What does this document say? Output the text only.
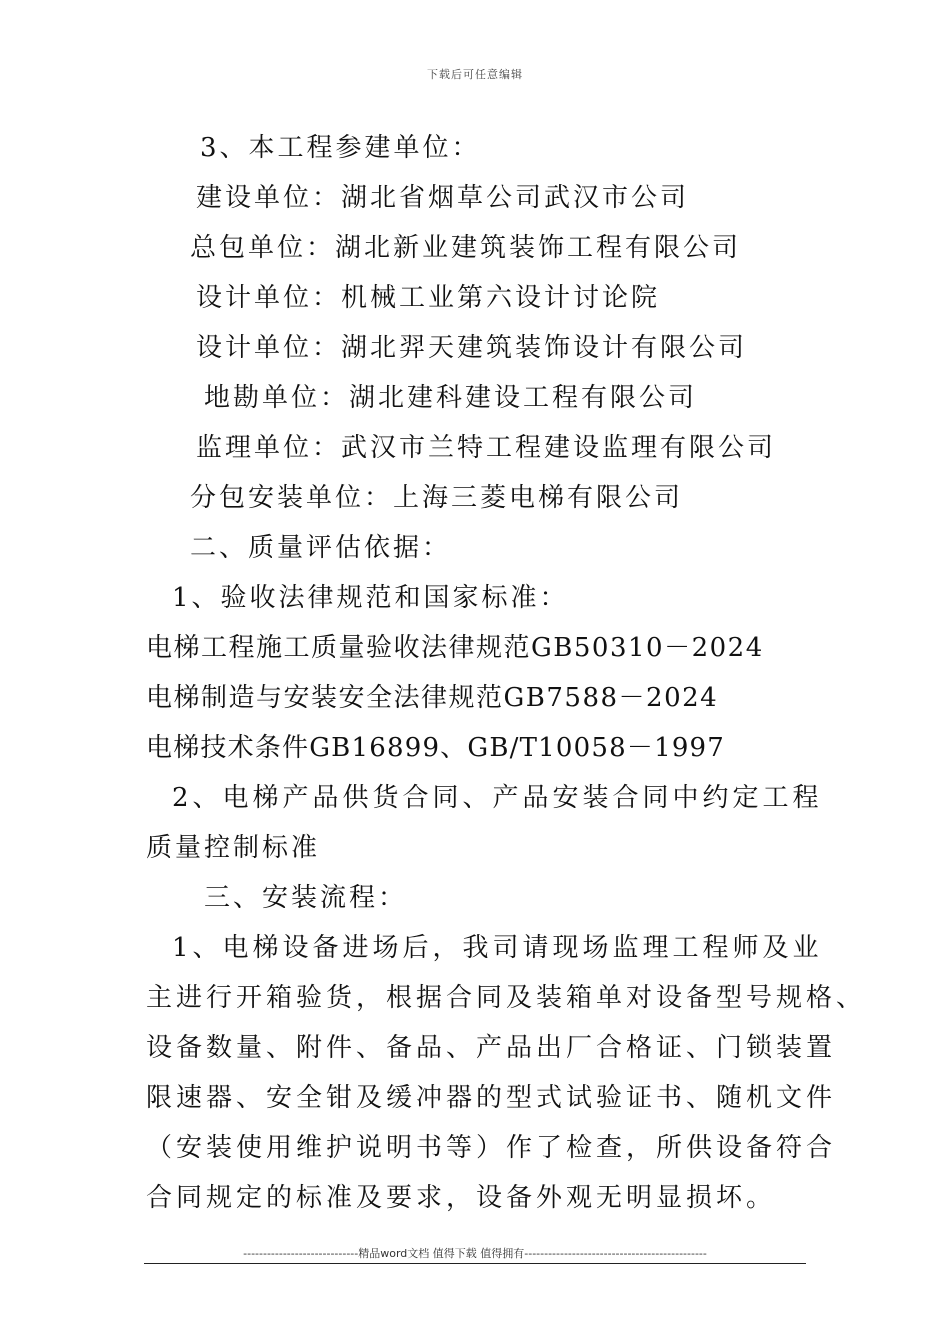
下载后可任意编辑
3、本工程参建单位：
建设单位：湖北省烟草公司武汉市公司
总包单位：湖北新业建筑装饰工程有限公司
设计单位：机械工业第六设计讨论院
设计单位：湖北羿天建筑装饰设计有限公司
地勘单位：湖北建科建设工程有限公司
监理单位：武汉市兰特工程建设监理有限公司
分包安装单位：上海三菱电梯有限公司
二、质量评估依据：
1、验收法律规范和国家标准：
电梯工程施工质量验收法律规范GB50310－2024
电梯制造与安装安全法律规范GB7588－2024
电梯技术条件GB16899、GB/T10058－1997
2、电梯产品供货合同、产品安装合同中约定工程
质量控制标准
三、安装流程：
1、电梯设备进场后，我司请现场监理工程师及业
主进行开箱验货，根据合同及装箱单对设备型号规格、
设备数量、附件、备品、产品出厂合格证、门锁装置
限速器、安全钳及缓冲器的型式试验证书、随机文件
（安装使用维护说明书等）作了检查，所供设备符合
合同规定的标准及要求，设备外观无明显损坏。
-----------------------------精品word文档 值得下载 值得拥有----------------------------------------------
